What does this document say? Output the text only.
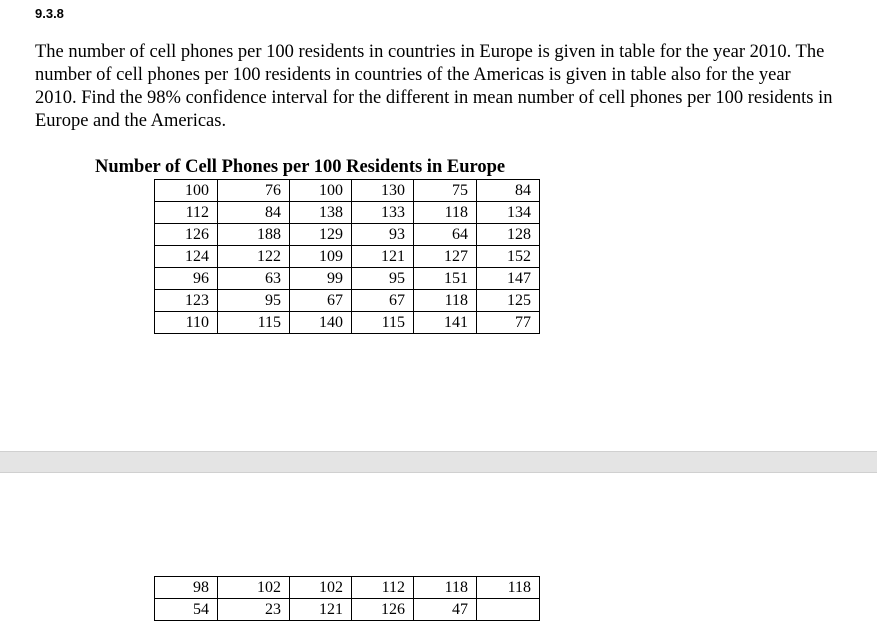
9.3.8

The number of cell phones per 100 residents in countries in Europe is given in table for the year 2010. The number of cell phones per 100 residents in countries of the Americas is given in table also for the year 2010. Find the 98% confidence interval for the different in mean number of cell phones per 100 residents in Europe and the Americas.

Number of Cell Phones per 100 Residents in Europe
100	76	100	130	75	84
112	84	138	133	118	134
126	188	129	93	64	128
124	122	109	121	127	152
96	63	99	95	151	147
123	95	67	67	118	125
110	115	140	115	141	77
98	102	102	112	118	118
54	23	121	126	47	
